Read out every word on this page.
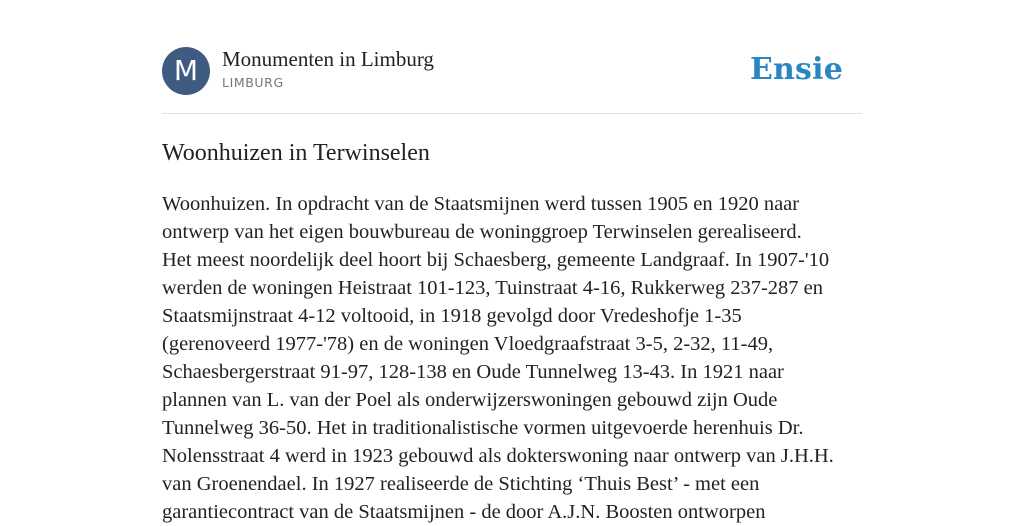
M	Monumenten in Limburg
LIMBURG	Ensie
Woonhuizen in Terwinselen
Woonhuizen. In opdracht van de Staatsmijnen werd tussen 1905 en 1920 naar
ontwerp van het eigen bouwbureau de woninggroep Terwinselen gerealiseerd.
Het meest noordelijk deel hoort bij Schaesberg, gemeente Landgraaf. In 1907-'10
werden de woningen Heistraat 101-123, Tuinstraat 4-16, Rukkerweg 237-287 en
Staatsmijnstraat 4-12 voltooid, in 1918 gevolgd door Vredeshofje 1-35
(gerenoveerd 1977-'78) en de woningen Vloedgraafstraat 3-5, 2-32, 11-49,
Schaesbergerstraat 91-97, 128-138 en Oude Tunnelweg 13-43. In 1921 naar
plannen van L. van der Poel als onderwijzerswoningen gebouwd zijn Oude
Tunnelweg 36-50. Het in traditionalistische vormen uitgevoerde herenhuis Dr.
Nolensstraat 4 werd in 1923 gebouwd als dokterswoning naar ontwerp van J.H.H.
van Groenendael. In 1927 realiseerde de Stichting ‘Thuis Best’ - met een
garantiecontract van de Staatsmijnen - de door A.J.N. Boosten ontworpen
